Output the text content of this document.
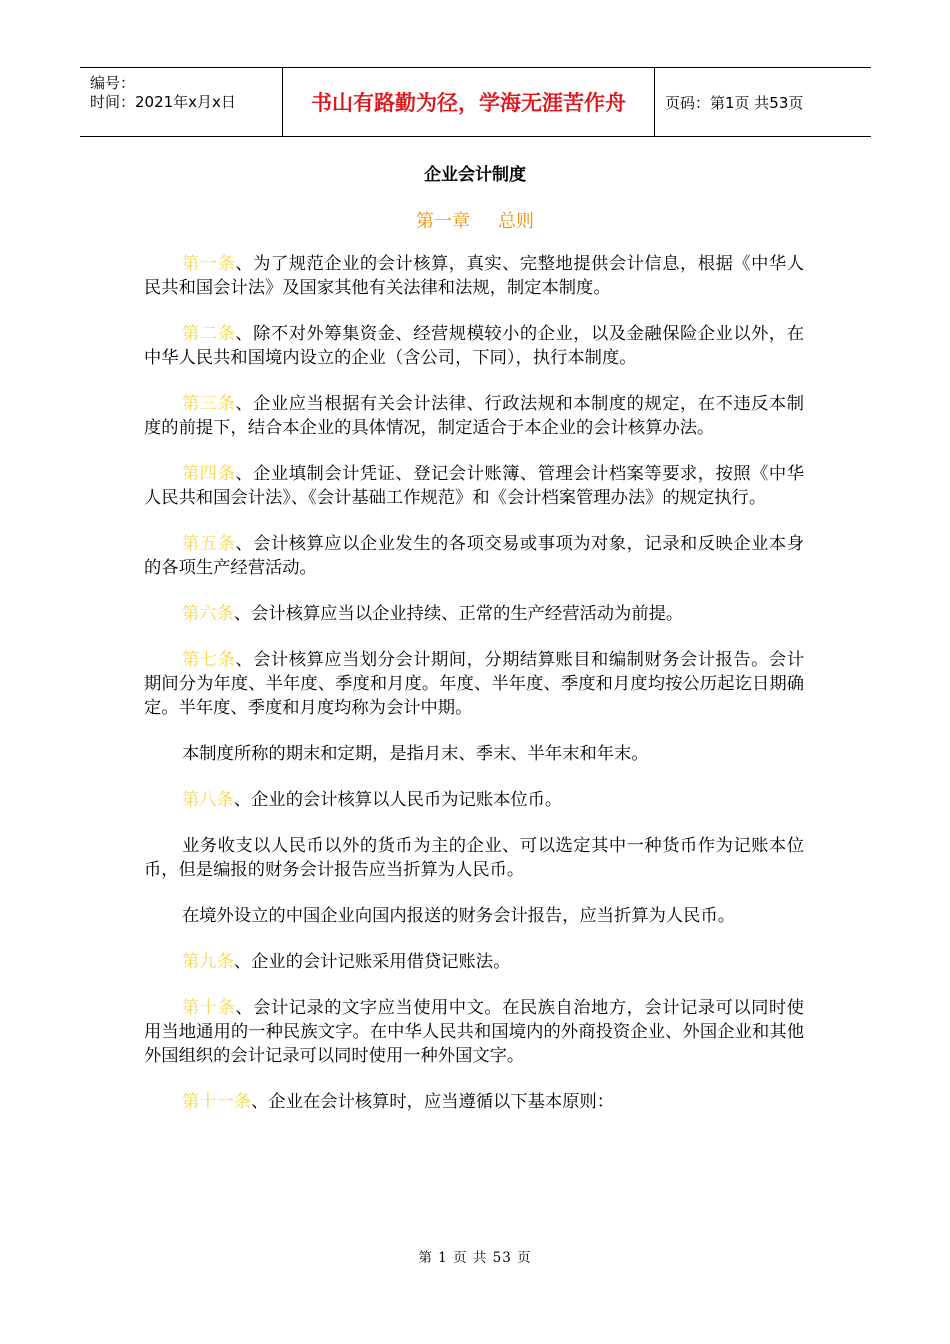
编号：
时间：2021年x月x日	书山有路勤为径，学海无涯苦作舟	页码：第1页 共53页
企业会计制度
第一章 总则

第一条、为了规范企业的会计核算，真实、完整地提供会计信息，根据《中华人民共和国会计法》及国家其他有关法律和法规，制定本制度。

第二条、除不对外筹集资金、经营规模较小的企业，以及金融保险企业以外，在中华人民共和国境内设立的企业（含公司，下同），执行本制度。

第三条、企业应当根据有关会计法律、行政法规和本制度的规定，在不违反本制度的前提下，结合本企业的具体情况，制定适合于本企业的会计核算办法。

第四条、企业填制会计凭证、登记会计账簿、管理会计档案等要求，按照《中华人民共和国会计法》、《会计基础工作规范》和《会计档案管理办法》的规定执行。

第五条、会计核算应以企业发生的各项交易或事项为对象，记录和反映企业本身的各项生产经营活动。

第六条、会计核算应当以企业持续、正常的生产经营活动为前提。

第七条、会计核算应当划分会计期间，分期结算账目和编制财务会计报告。会计期间分为年度、半年度、季度和月度。年度、半年度、季度和月度均按公历起讫日期确定。半年度、季度和月度均称为会计中期。

本制度所称的期末和定期，是指月末、季末、半年末和年末。

第八条、企业的会计核算以人民币为记账本位币。

业务收支以人民币以外的货币为主的企业、可以选定其中一种货币作为记账本位币，但是编报的财务会计报告应当折算为人民币。

在境外设立的中国企业向国内报送的财务会计报告，应当折算为人民币。

第九条、企业的会计记账采用借贷记账法。

第十条、会计记录的文字应当使用中文。在民族自治地方，会计记录可以同时使用当地通用的一种民族文字。在中华人民共和国境内的外商投资企业、外国企业和其他外国组织的会计记录可以同时使用一种外国文字。

第十一条、企业在会计核算时，应当遵循以下基本原则：

第 1 页 共 53 页
